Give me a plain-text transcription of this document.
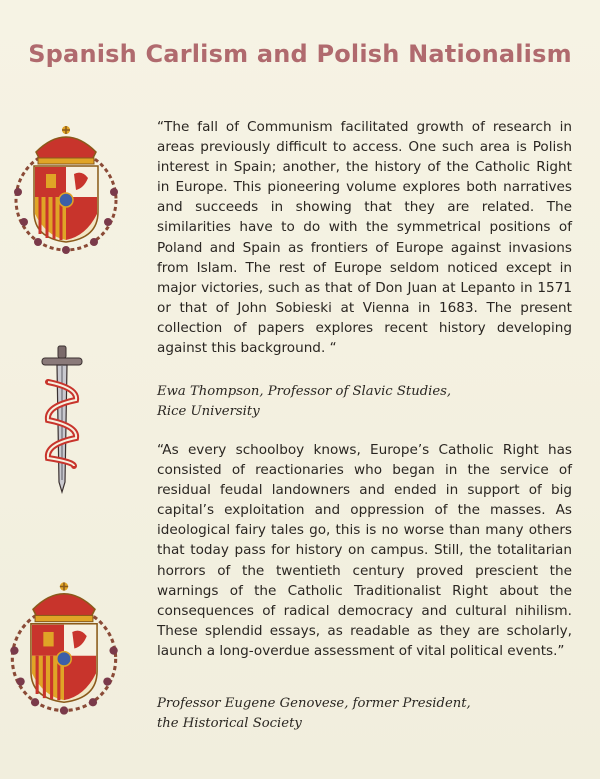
Spanish Carlism and Polish Nationalism

“The fall of Communism facilitated growth of research in areas previously difficult to access. One such area is Polish interest in Spain; another, the history of the Catholic Right in Europe. This pioneering volume explores both narratives and succeeds in showing that they are related. The similarities have to do with the symmetrical positions of Poland and Spain as frontiers of Europe against invasions from Islam. The rest of Europe seldom noticed except in major victories, such as that of Don Juan at Lepanto in 1571 or that of John Sobieski at Vienna in 1683. The present collection of papers explores recent history developing against this background. “

Ewa Thompson, Professor of Slavic Studies,

Rice University

“As every schoolboy knows, Europe’s Catholic Right has consisted of reactionaries who began in the service of residual feudal landowners and ended in support of big capital’s exploitation and oppression of the masses. As ideological fairy tales go, this is no worse than many others that today pass for history on campus. Still, the totalitarian horrors of the twentieth century proved prescient the warnings of the Catholic Traditionalist Right about the consequences of radical democracy and cultural nihilism. These splendid essays, as readable as they are scholarly, launch a long-overdue assessment of vital political events.”

Professor Eugene Genovese, former President,

the Historical Society
